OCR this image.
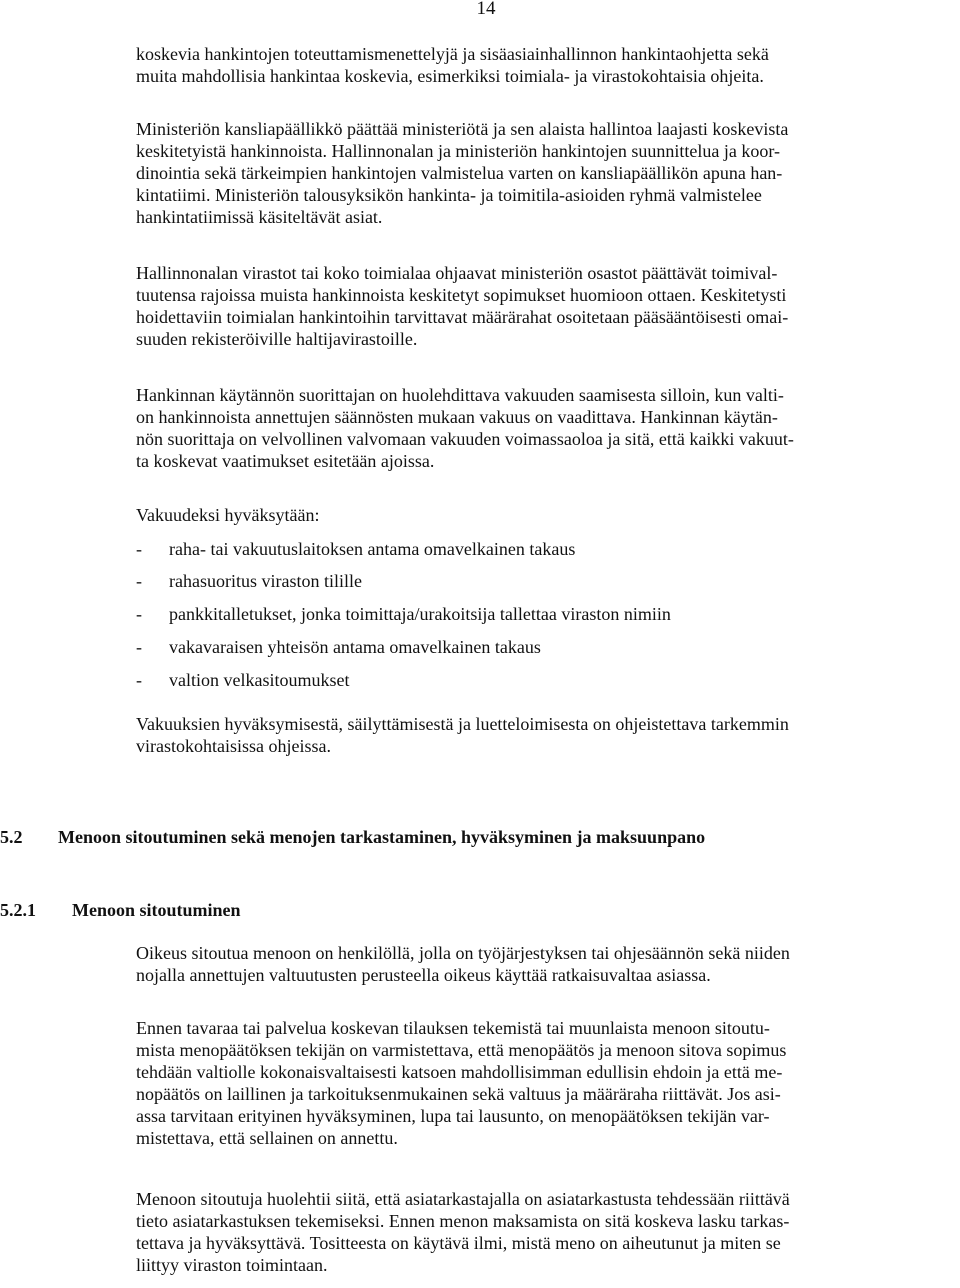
14
koskevia hankintojen toteuttamismenettelyjä ja sisäasiainhallinnon hankintaohjetta sekä
muita mahdollisia hankintaa koskevia, esimerkiksi toimiala- ja virastokohtaisia ohjeita.
Ministeriön kansliapäällikkö päättää ministeriötä ja sen alaista hallintoa laajasti koskevista
keskitetyistä hankinnoista. Hallinnonalan ja ministeriön hankintojen suunnittelua ja koor-
dinointia sekä tärkeimpien hankintojen valmistelua varten on kansliapäällikön apuna han-
kintatiimi. Ministeriön talousyksikön hankinta- ja toimitila-asioiden ryhmä valmistelee
hankintatiimissä käsiteltävät asiat.
Hallinnonalan virastot tai koko toimialaa ohjaavat ministeriön osastot päättävät toimival-
tuutensa rajoissa muista hankinnoista keskitetyt sopimukset huomioon ottaen. Keskitetysti
hoidettaviin toimialan hankintoihin tarvittavat määrärahat osoitetaan pääsääntöisesti omai-
suuden rekisteröiville haltijavirastoille.
Hankinnan käytännön suorittajan on huolehdittava vakuuden saamisesta silloin, kun valti-
on hankinnoista annettujen säännösten mukaan vakuus on vaadittava. Hankinnan käytän-
nön suorittaja on velvollinen valvomaan vakuuden voimassaoloa ja sitä, että kaikki vakuut-
ta koskevat vaatimukset esitetään ajoissa.
Vakuudeksi hyväksytään:
- raha- tai vakuutuslaitoksen antama omavelkainen takaus
- rahasuoritus viraston tilille
- pankkitalletukset, jonka toimittaja/urakoitsija tallettaa viraston nimiin
- vakavaraisen yhteisön antama omavelkainen takaus
- valtion velkasitoumukset
Vakuuksien hyväksymisestä, säilyttämisestä ja luetteloimisesta on ohjeistettava tarkemmin
virastokohtaisissa ohjeissa.
5.2 Menoon sitoutuminen sekä menojen tarkastaminen, hyväksyminen ja maksuunpano
5.2.1 Menoon sitoutuminen
Oikeus sitoutua menoon on henkilöllä, jolla on työjärjestyksen tai ohjesäännön sekä niiden
nojalla annettujen valtuutusten perusteella oikeus käyttää ratkaisuvaltaa asiassa.
Ennen tavaraa tai palvelua koskevan tilauksen tekemistä tai muunlaista menoon sitoutu-
mista menopäätöksen tekijän on varmistettava, että menopäätös ja menoon sitova sopimus
tehdään valtiolle kokonaisvaltaisesti katsoen mahdollisimman edullisin ehdoin ja että me-
nopäätös on laillinen ja tarkoituksenmukainen sekä valtuus ja määräraha riittävät. Jos asi-
assa tarvitaan erityinen hyväksyminen, lupa tai lausunto, on menopäätöksen tekijän var-
mistettava, että sellainen on annettu.
Menoon sitoutuja huolehtii siitä, että asiatarkastajalla on asiatarkastusta tehdessään riittävä
tieto asiatarkastuksen tekemiseksi. Ennen menon maksamista on sitä koskeva lasku tarkas-
tettava ja hyväksyttävä. Tositteesta on käytävä ilmi, mistä meno on aiheutunut ja miten se
liittyy viraston toimintaan.
